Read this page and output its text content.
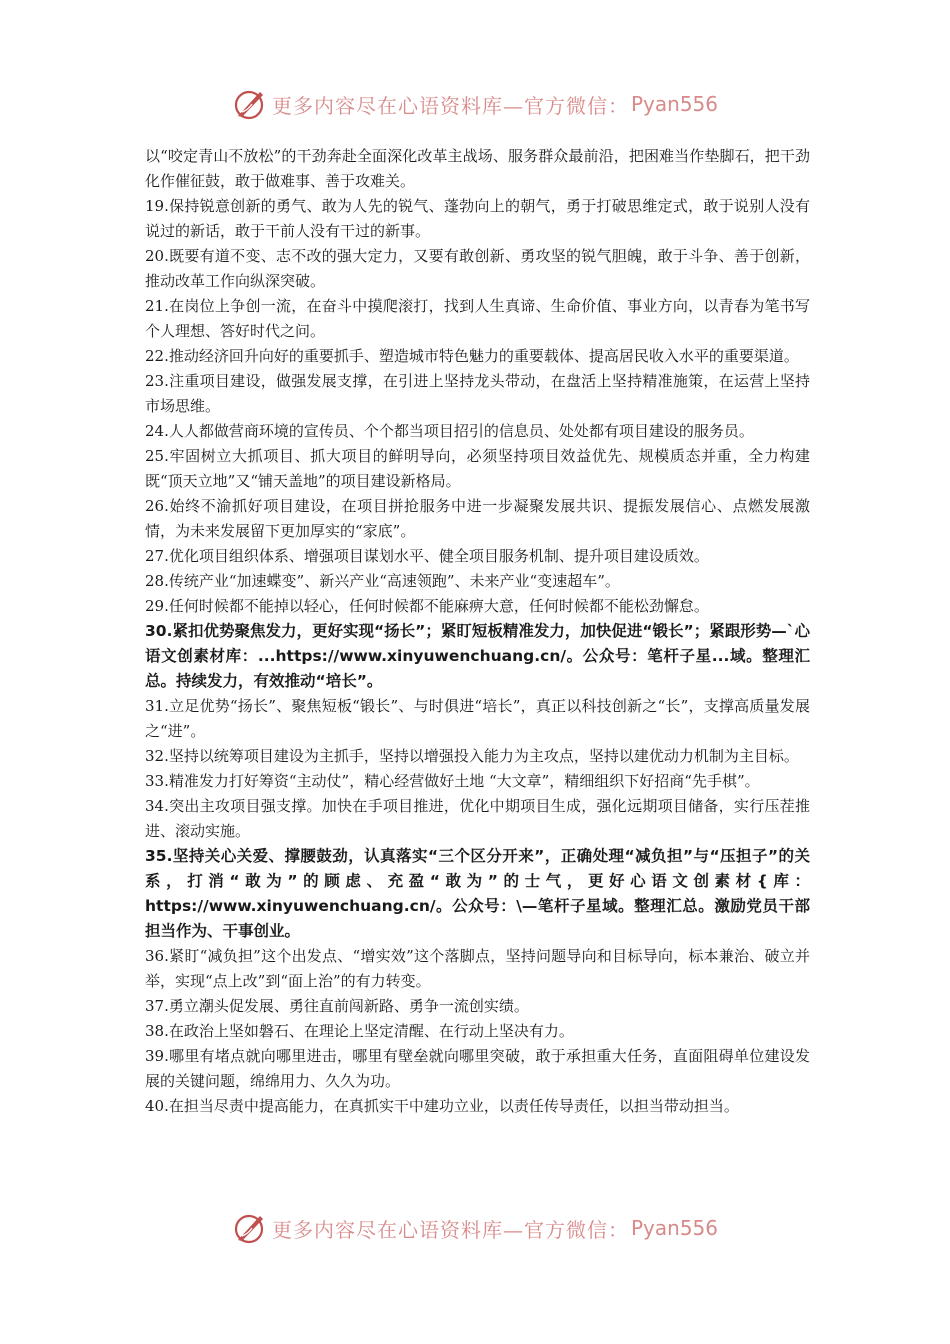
更多内容尽在心语资料库—官方微信： Pyan556
以“咬定青山不放松”的干劲奔赴全面深化改革主战场、服务群众最前沿，把困难当作垫脚石，把干劲化作催征鼓，敢于做难事、善于攻难关。
19.保持锐意创新的勇气、敢为人先的锐气、蓬勃向上的朝气，勇于打破思维定式，敢于说别人没有说过的新话，敢于干前人没有干过的新事。
20.既要有道不变、志不改的强大定力，又要有敢创新、勇攻坚的锐气胆魄，敢于斗争、善于创新，推动改革工作向纵深突破。
21.在岗位上争创一流，在奋斗中摸爬滚打，找到人生真谛、生命价值、事业方向，以青春为笔书写个人理想、答好时代之问。
22.推动经济回升向好的重要抓手、塑造城市特色魅力的重要载体、提高居民收入水平的重要渠道。
23.注重项目建设，做强发展支撑，在引进上坚持龙头带动，在盘活上坚持精准施策，在运营上坚持市场思维。
24.人人都做营商环境的宣传员、个个都当项目招引的信息员、处处都有项目建设的服务员。
25.牢固树立大抓项目、抓大项目的鲜明导向，必须坚持项目效益优先、规模质态并重，全力构建既“顶天立地”又“铺天盖地”的项目建设新格局。
26.始终不渝抓好项目建设，在项目拼抢服务中进一步凝聚发展共识、提振发展信心、点燃发展激情，为未来发展留下更加厚实的“家底”。
27.优化项目组织体系、增强项目谋划水平、健全项目服务机制、提升项目建设质效。
28.传统产业“加速蝶变”、新兴产业“高速领跑”、未来产业“变速超车”。
29.任何时候都不能掉以轻心，任何时候都不能麻痹大意，任何时候都不能松劲懈怠。
30.紧扣优势聚焦发力，更好实现“扬长”；紧盯短板精准发力，加快促进“锻长”；紧跟形势—`心语文创素材库：...https://www.xinyuwenchuang.cn/。公众号：笔杆子星...域。整理汇总。持续发力，有效推动“培长”。
31.立足优势“扬长”、聚焦短板“锻长”、与时俱进“培长”，真正以科技创新之“长”，支撑高质量发展之“进”。
32.坚持以统筹项目建设为主抓手，坚持以增强投入能力为主攻点，坚持以建优动力机制为主目标。
33.精准发力打好筹资“主动仗”，精心经营做好土地 “大文章”，精细组织下好招商“先手棋”。
34.突出主攻项目强支撑。加快在手项目推进，优化中期项目生成，强化远期项目储备，实行压茬推进、滚动实施。
35.坚持关心关爱、撑腰鼓劲，认真落实“三个区分开来”，正确处理“减负担”与“压担子”的关系，打消“敢为”的顾虑、充盈“敢为”的士气，更好心语文创素材{库：https://www.xinyuwenchuang.cn/。公众号：\—笔杆子星域。整理汇总。激励党员干部担当作为、干事创业。
36.紧盯“减负担”这个出发点、“增实效”这个落脚点，坚持问题导向和目标导向，标本兼治、破立并举，实现“点上改”到“面上治”的有力转变。
37.勇立潮头促发展、勇往直前闯新路、勇争一流创实绩。
38.在政治上坚如磐石、在理论上坚定清醒、在行动上坚决有力。
39.哪里有堵点就向哪里进击，哪里有壁垒就向哪里突破，敢于承担重大任务，直面阻碍单位建设发展的关键问题，绵绵用力、久久为功。
40.在担当尽责中提高能力，在真抓实干中建功立业，以责任传导责任，以担当带动担当。
更多内容尽在心语资料库—官方微信： Pyan556
